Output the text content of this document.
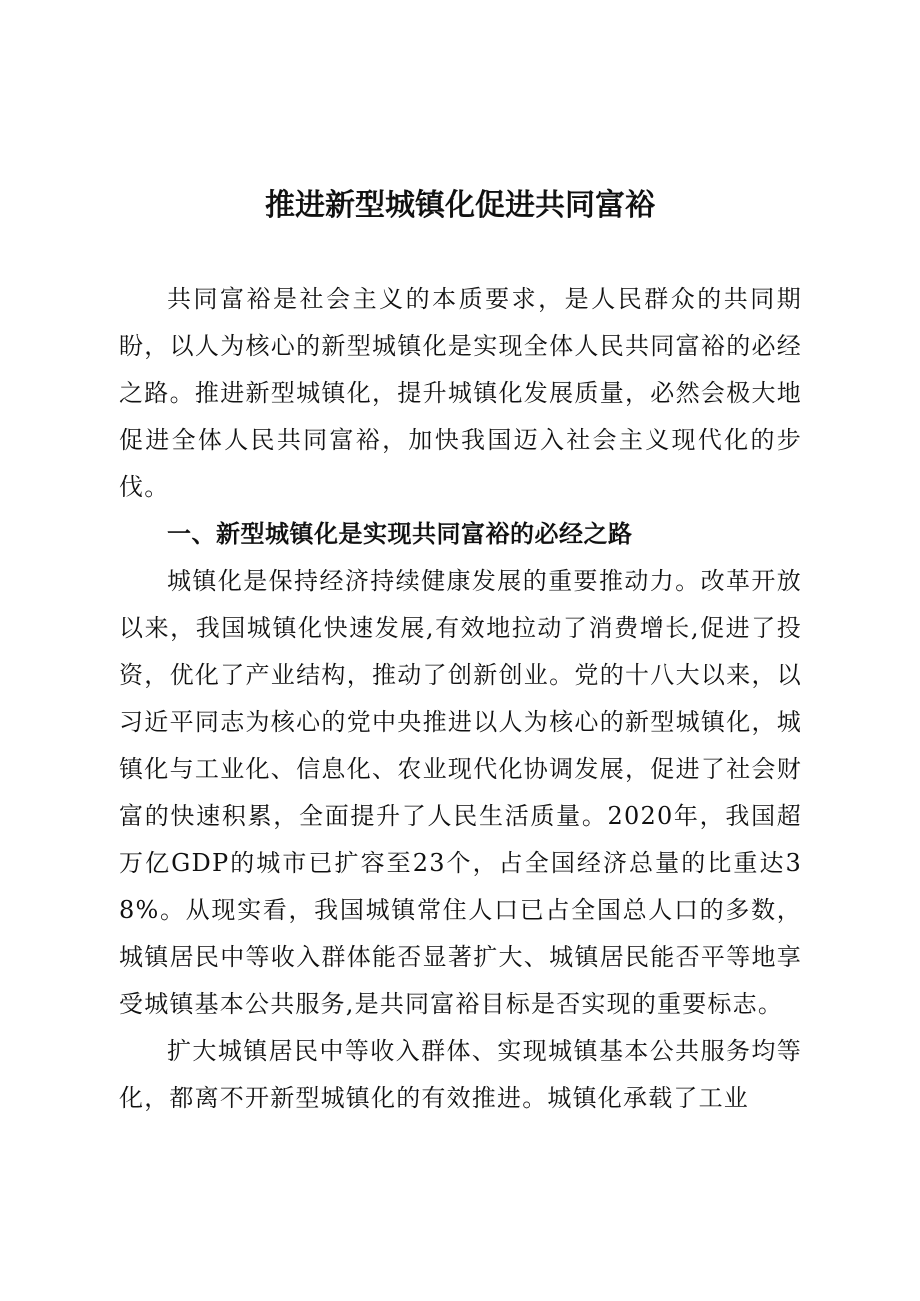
推进新型城镇化促进共同富裕

共同富裕是社会主义的本质要求，是人民群众的共同期盼，以人为核心的新型城镇化是实现全体人民共同富裕的必经之路。推进新型城镇化，提升城镇化发展质量，必然会极大地促进全体人民共同富裕，加快我国迈入社会主义现代化的步伐。

一、新型城镇化是实现共同富裕的必经之路

城镇化是保持经济持续健康发展的重要推动力。改革开放以来，我国城镇化快速发展,有效地拉动了消费增长,促进了投资，优化了产业结构，推动了创新创业。党的十八大以来，以习近平同志为核心的党中央推进以人为核心的新型城镇化，城镇化与工业化、信息化、农业现代化协调发展，促进了社会财富的快速积累，全面提升了人民生活质量。2020年，我国超万亿GDP的城市已扩容至23个，占全国经济总量的比重达38%。从现实看，我国城镇常住人口已占全国总人口的多数，城镇居民中等收入群体能否显著扩大、城镇居民能否平等地享受城镇基本公共服务,是共同富裕目标是否实现的重要标志。

扩大城镇居民中等收入群体、实现城镇基本公共服务均等化，都离不开新型城镇化的有效推进。城镇化承载了工业
